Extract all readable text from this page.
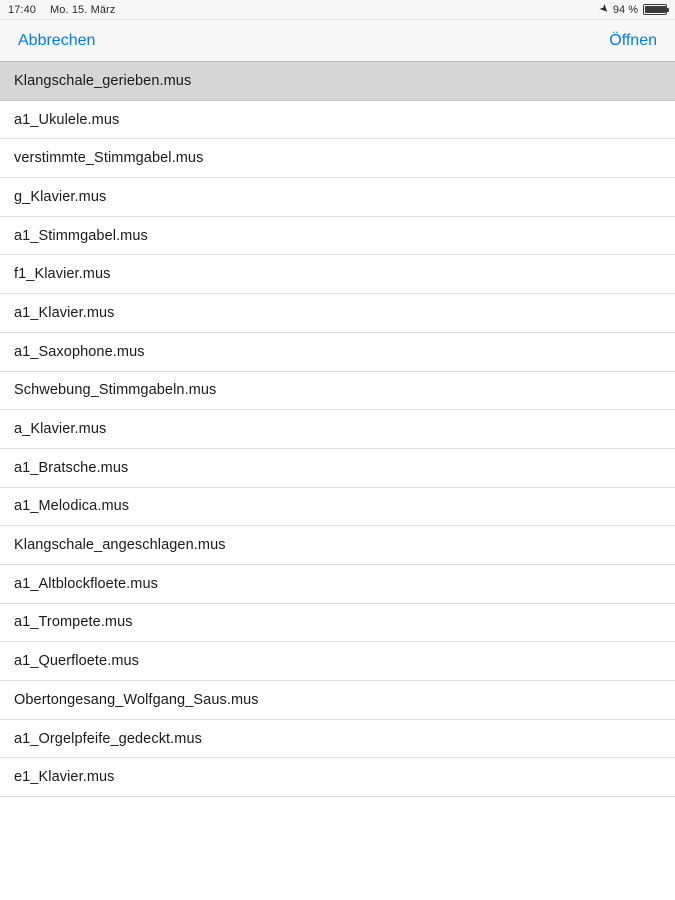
17:40 Mo. 15. März	➤ 94 %
Abbrechen	Öffnen
Klangschale_gerieben.mus
a1_Ukulele.mus
verstimmte_Stimmgabel.mus
g_Klavier.mus
a1_Stimmgabel.mus
f1_Klavier.mus
a1_Klavier.mus
a1_Saxophone.mus
Schwebung_Stimmgabeln.mus
a_Klavier.mus
a1_Bratsche.mus
a1_Melodica.mus
Klangschale_angeschlagen.mus
a1_Altblockfloete.mus
a1_Trompete.mus
a1_Querfloete.mus
Obertongesang_Wolfgang_Saus.mus
a1_Orgelpfeife_gedeckt.mus
e1_Klavier.mus
